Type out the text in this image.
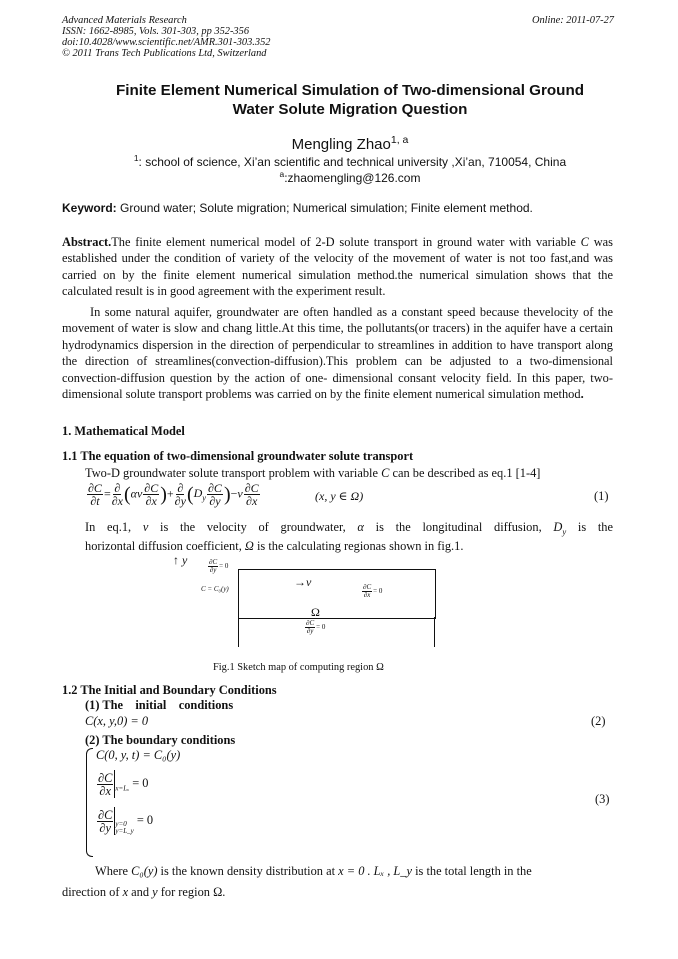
Advanced Materials Research	Online: 2011-07-27
ISSN: 1662-8985, Vols. 301-303, pp 352-356
doi:10.4028/www.scientific.net/AMR.301-303.352
© 2011 Trans Tech Publications Ltd, Switzerland
Finite Element Numerical Simulation of Two-dimensional Ground
Water Solute Migration Question
Mengling Zhao$^{1, a}$
$^1$: school of science, Xi’an scientific and technical university ,Xi’an, 710054, China
$^a$:zhaomengling@126.com
Keyword: Ground water; Solute migration; Numerical simulation; Finite element method.
Abstract.The finite element numerical model of 2-D solute transport in ground water with variable C was established under the condition of variety of the velocity of the movement of water is not too fast,and was carried on by the finite element numerical simulation method.the numerical simulation shows that the calculated result is in good agreement with the experiment result.
In some natural aquifer, groundwater are often handled as a constant speed because thevelocity of the movement of water is slow and chang little.At this time, the pollutants(or tracers) in the aquifer have a certain hydrodynamics dispersion in the direction of perpendicular to streamlines in addition to have transport along the direction of streamlines(convection-diffusion).This problem can be adjusted to a two-dimensional convection-diffusion question by the action of one- dimensional consant velocity field. In this paper, two-dimensional solute transport problems was carried on by the finite element numerical simulation method.
1. Mathematical Model
1.1 The equation of two-dimensional groundwater solute transport
Two-D groundwater solute transport problem with variable C can be described as eq.1 [1-4]
$\frac{\partial C}{\partial t}$ = ∂
∂x ($\alpha\nu \frac{\partial C}{\partial x}$ )+ ∂
∂y $(D_y \frac{\partial C}{\partial y} )-\nu \frac{\partial C}{\partial x}$	(x, y ∈ Ω)	(1)
In eq.1, v is the velocity of groundwater, α is the longitudinal diffusion, $D_y$ is the
horizontal diffusion coefficient, Ω is the calculating regionas shown in fig.1.
↑ y	$\frac{\partial C}{\partial y} = 0$
C = C₀(y)	→ν
$\frac{\partial C}{\partial x} = 0$
Ω
$\frac{\partial C}{\partial y} = 0$
Fig.1 Sketch map of computing region Ω
1.2 The Initial and Boundary Conditions
(1) The    initial    conditions
C(x, y,0) = 0	(2)
(2) The boundary conditions
C(0, y, t) = C₀(y)
$\frac{\partial C}{\partial x} _{x=L_x} = 0$
$\frac{\partial C}{\partial y} y=0$
y=L_y
= 0
(3)
Where C₀(y) is the known density distribution at x = 0 . Lₓ , L_y is the total length in the
direction of x and y for region Ω.
